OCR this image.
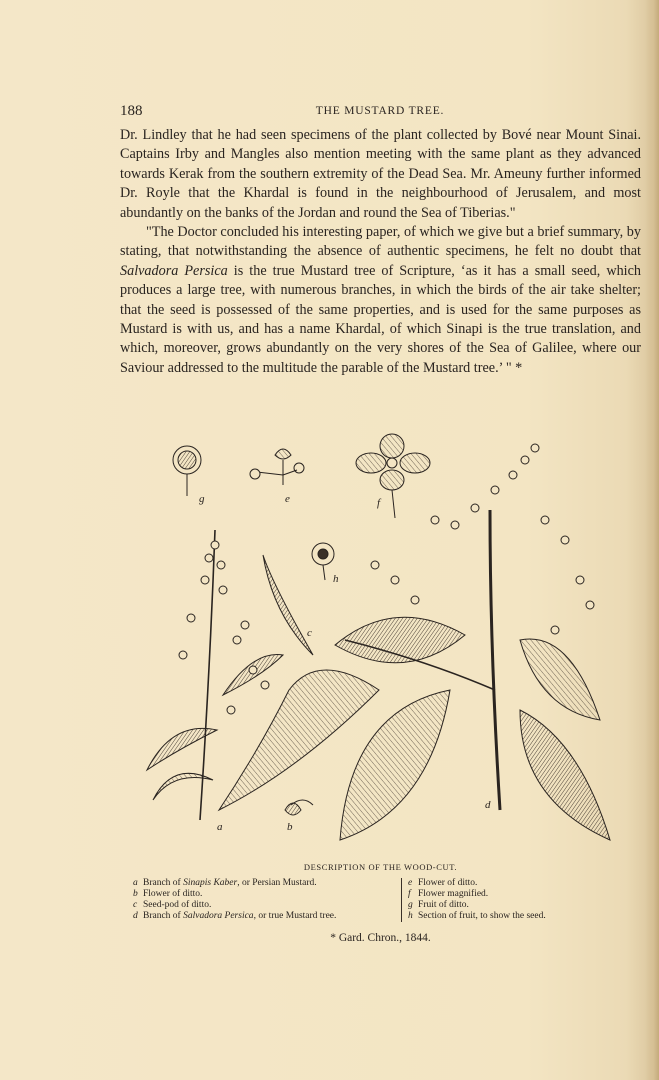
188	THE MUSTARD TREE.

Dr. Lindley that he had seen specimens of the plant collected by Bové near Mount Sinai. Captains Irby and Mangles also mention meeting with the same plant as they advanced towards Kerak from the southern extremity of the Dead Sea. Mr. Ameuny further informed Dr. Royle that the Khardal is found in the neighbourhood of Jerusalem, and most abundantly on the banks of the Jordan and round the Sea of Tiberias."

"The Doctor concluded his interesting paper, of which we give but a brief summary, by stating, that notwithstanding the absence of authentic specimens, he felt no doubt that Salvadora Persica is the true Mustard tree of Scripture, ‘as it has a small seed, which produces a large tree, with numerous branches, in which the birds of the air take shelter; that the seed is possessed of the same properties, and is used for the same purposes as Mustard is with us, and has a name Khardal, of which Sinapi is the true translation, and which, moreover, grows abundantly on the very shores of the Sea of Galilee, where our Saviour addressed to the multitude the parable of the Mustard tree.’ " *

g	e	f
h
c
a	b
d
DESCRIPTION OF THE WOOD-CUT.
a Branch of Sinapis Kaber, or Persian Mustard.
b Flower of ditto.
c Seed-pod of ditto.
d Branch of Salvadora Persica, or true Mustard tree.
e Flower of ditto.
f Flower magnified.
g Fruit of ditto.
h Section of fruit, to show the seed.
* Gard. Chron., 1844.
